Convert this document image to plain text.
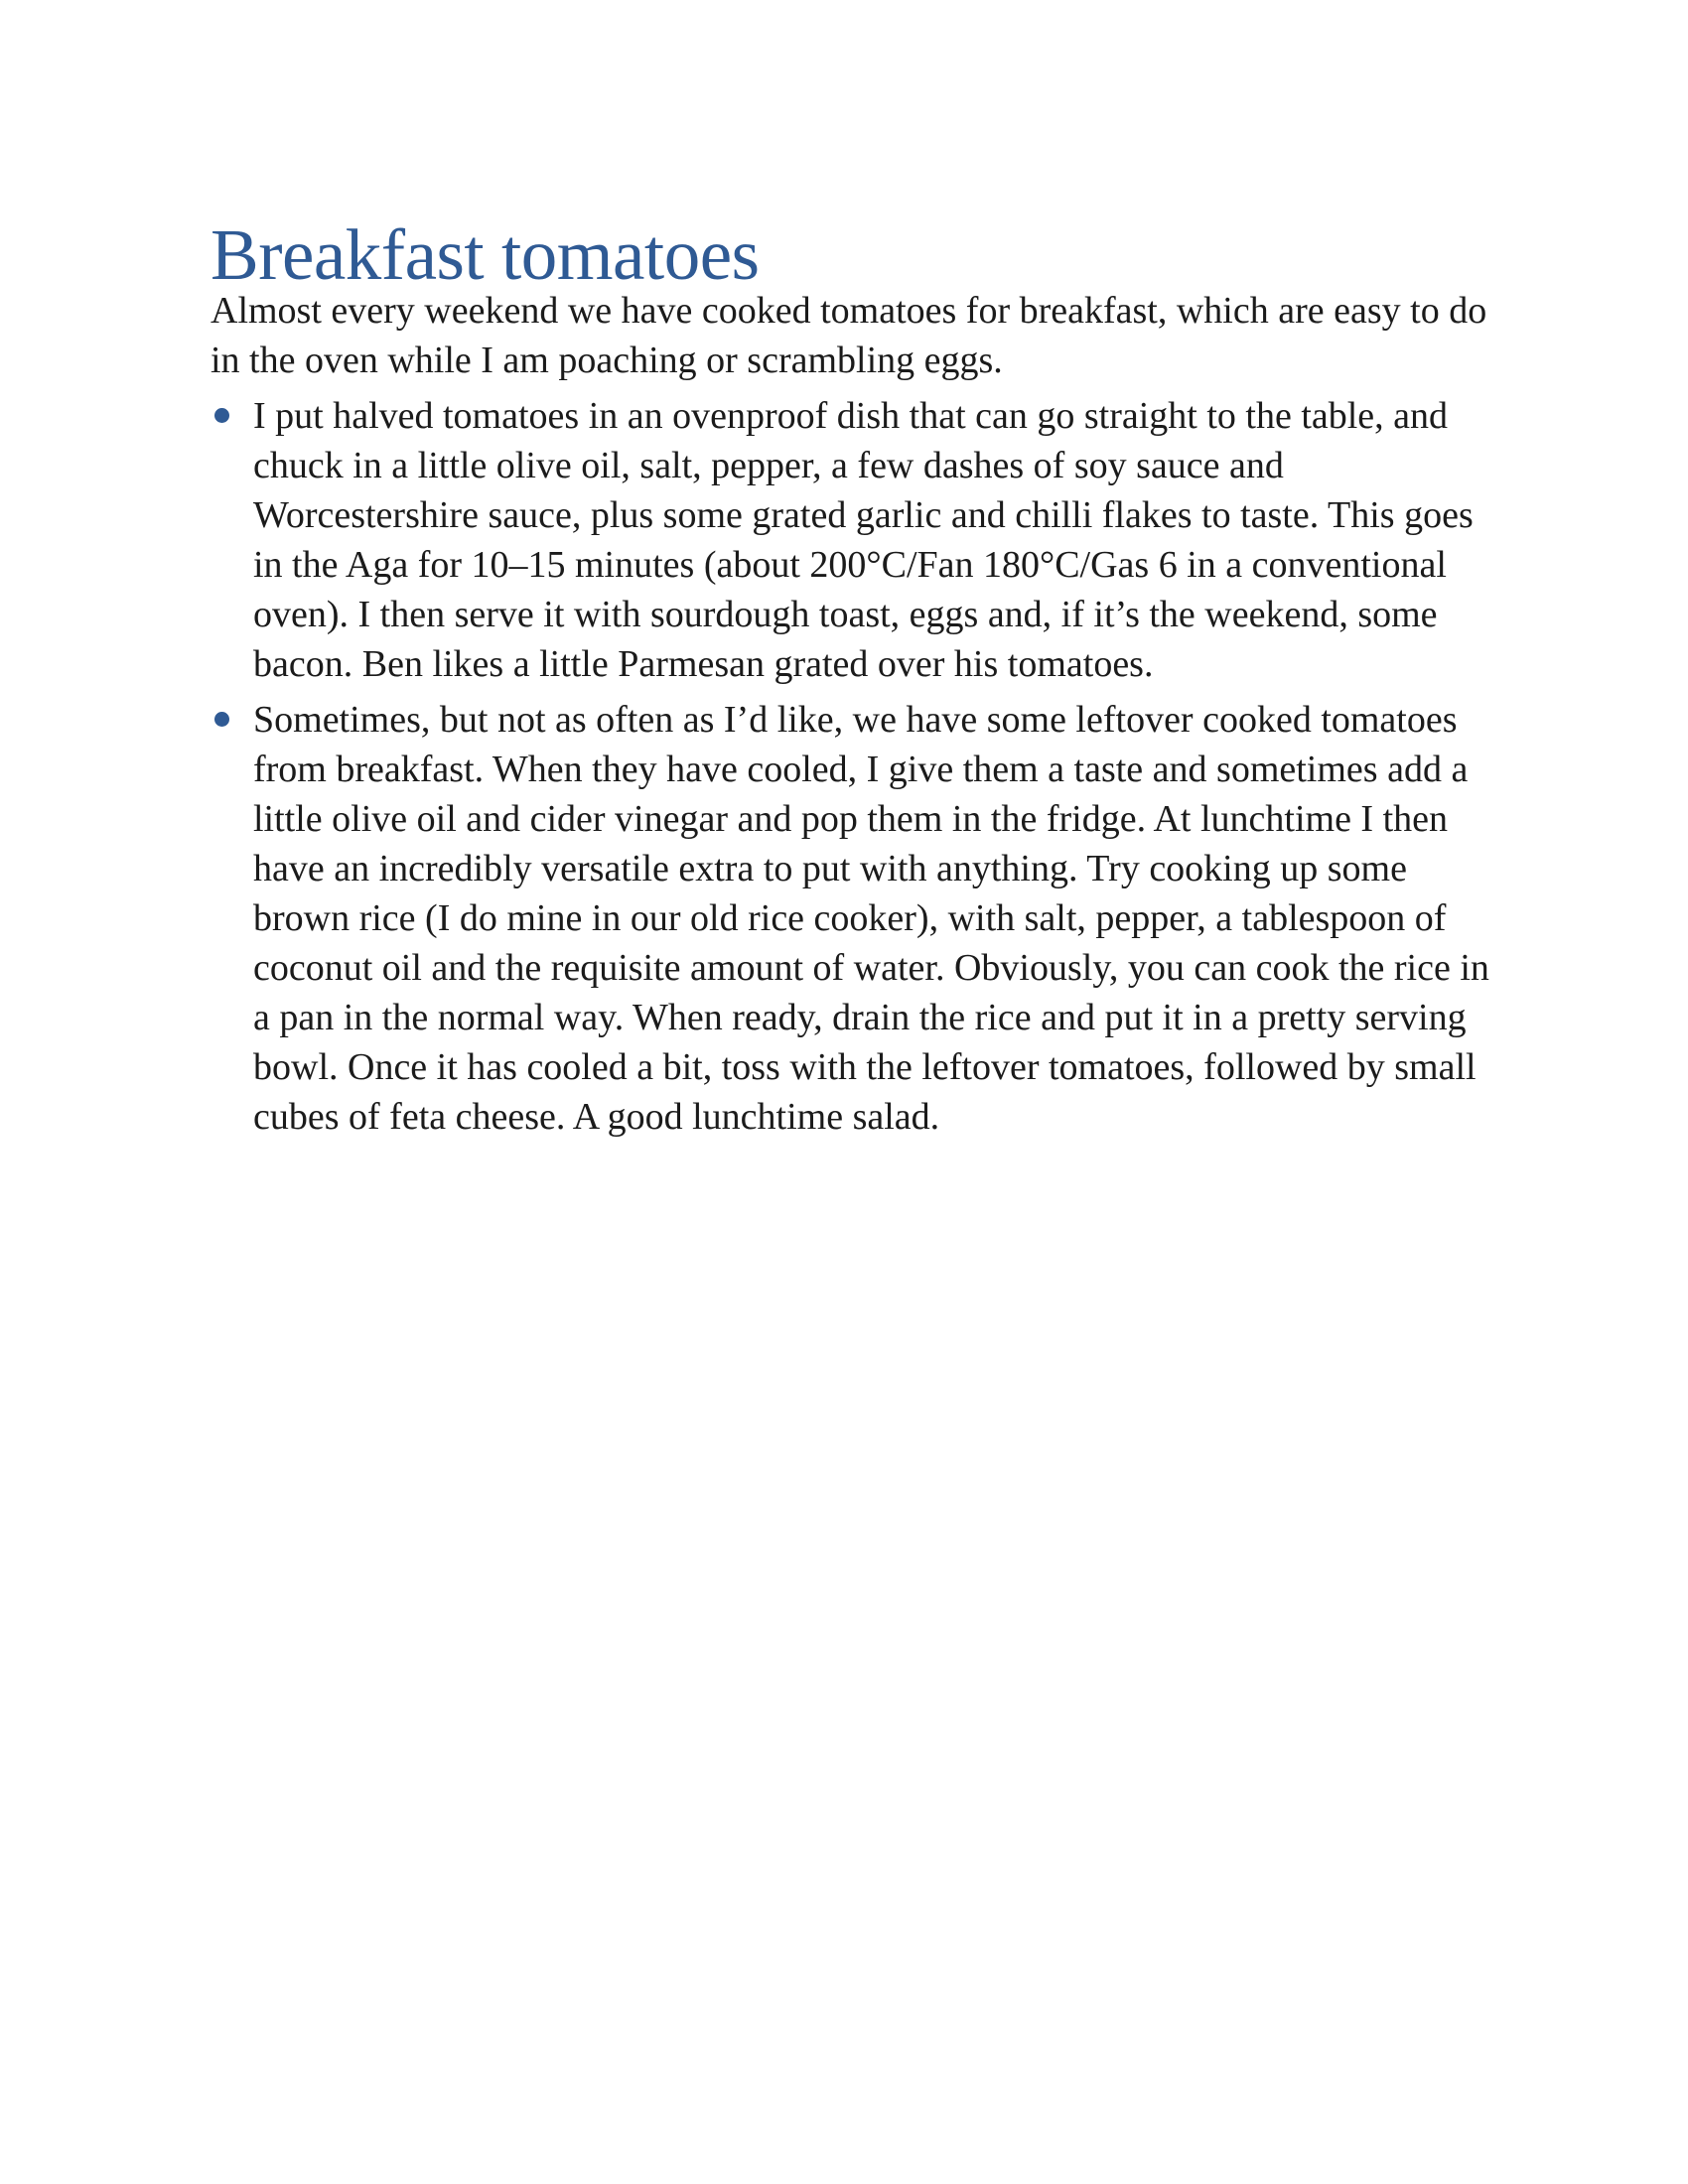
Breakfast tomatoes

Almost every weekend we have cooked tomatoes for breakfast, which are easy to do in the oven while I am poaching or scrambling eggs.

I put halved tomatoes in an ovenproof dish that can go straight to the table, and chuck in a little olive oil, salt, pepper, a few dashes of soy sauce and Worcestershire sauce, plus some grated garlic and chilli flakes to taste. This goes in the Aga for 10–15 minutes (about 200°C/Fan 180°C/Gas 6 in a conventional oven). I then serve it with sourdough toast, eggs and, if it’s the weekend, some bacon. Ben likes a little Parmesan grated over his tomatoes.
Sometimes, but not as often as I’d like, we have some leftover cooked tomatoes from breakfast. When they have cooled, I give them a taste and sometimes add a little olive oil and cider vinegar and pop them in the fridge. At lunchtime I then have an incredibly versatile extra to put with anything. Try cooking up some brown rice (I do mine in our old rice cooker), with salt, pepper, a tablespoon of coconut oil and the requisite amount of water. Obviously, you can cook the rice in a pan in the normal way. When ready, drain the rice and put it in a pretty serving bowl. Once it has cooled a bit, toss with the leftover tomatoes, followed by small cubes of feta cheese. A good lunchtime salad.
